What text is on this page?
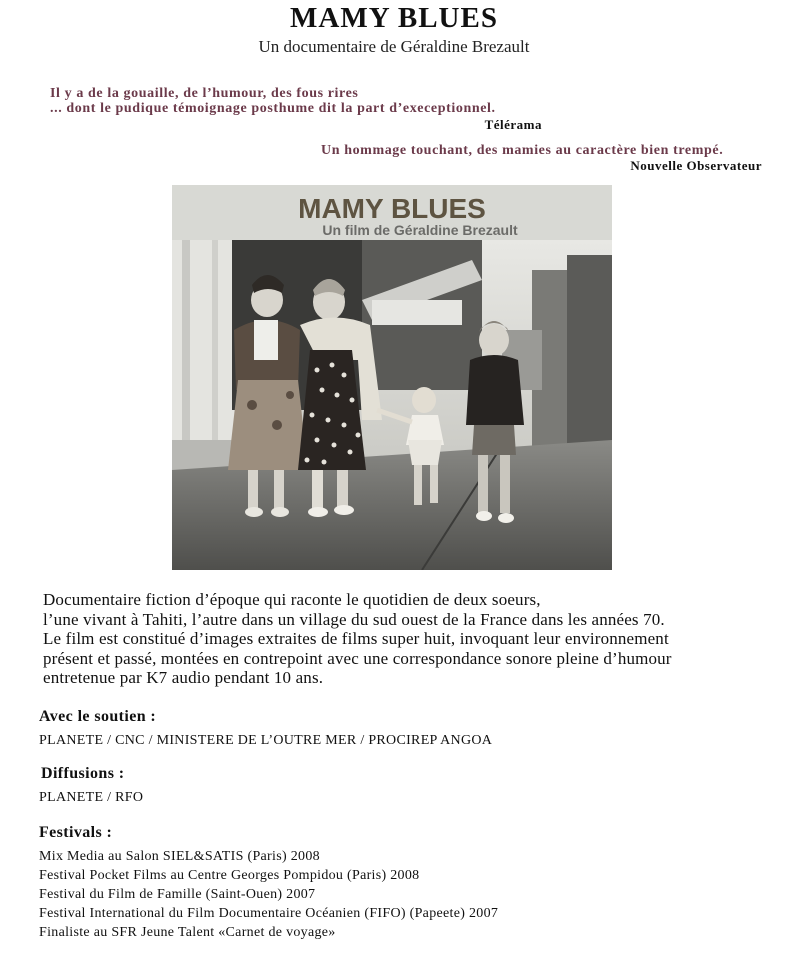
MAMY BLUES
Un documentaire de Géraldine Brezault
Il y a de la gouaille, de l’humour, des fous rires
... dont le pudique témoignage posthume dit la part d’execeptionnel.
Télérama
Un hommage touchant, des mamies au caractère bien trempé.
Nouvelle Observateur
MAMY BLUES
Un film de Géraldine Brezault
Documentaire fiction d’époque qui raconte le quotidien de deux soeurs,
l’une vivant à Tahiti, l’autre dans un village du sud ouest de la France dans les années 70.
Le film est constitué d’images extraites de films super huit, invoquant leur environnement
présent et passé, montées en contrepoint avec une correspondance sonore pleine d’humour
entretenue par K7 audio pendant 10 ans.
Avec le soutien :
PLANETE / CNC / MINISTERE DE L’OUTRE MER / PROCIREP ANGOA
Diffusions :
PLANETE / RFO
Festivals :
Mix Media au Salon SIEL&SATIS (Paris) 2008
Festival Pocket Films au Centre Georges Pompidou (Paris) 2008
Festival du Film de Famille (Saint-Ouen) 2007
Festival International du Film Documentaire Océanien (FIFO) (Papeete) 2007
Finaliste au SFR Jeune Talent «Carnet de voyage»
